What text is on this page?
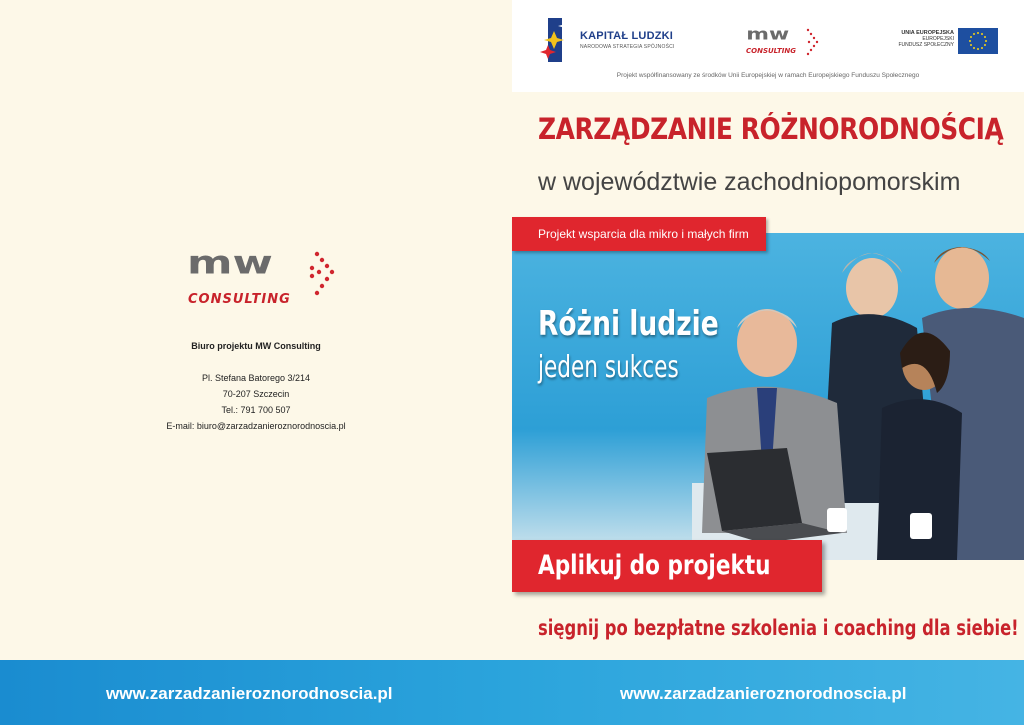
mw
CONSULTING
Biuro projektu MW Consulting
Pl. Stefana Batorego 3/214
70-207 Szczecin
Tel.: 791 700 507
E-mail: biuro@zarzadzanieroznorodnoscia.pl
KAPITAŁ LUDZKI
NARODOWA STRATEGIA SPÓJNOŚCI
mw
CONSULTING
UNIA EUROPEJSKA
EUROPEJSKI
FUNDUSZ SPOŁECZNY
Projekt współfinansowany ze środków Unii Europejskiej w ramach Europejskiego Funduszu Społecznego
ZARZĄDZANIE RÓŻNORODNOŚCIĄ
w województwie zachodniopomorskim
Projekt wsparcia dla mikro i małych firm
Różni ludzie
jeden sukces
Aplikuj do projektu
sięgnij po bezpłatne szkolenia i coaching dla siebie!
www.zarzadzanieroznorodnoscia.pl	www.zarzadzanieroznorodnoscia.pl
